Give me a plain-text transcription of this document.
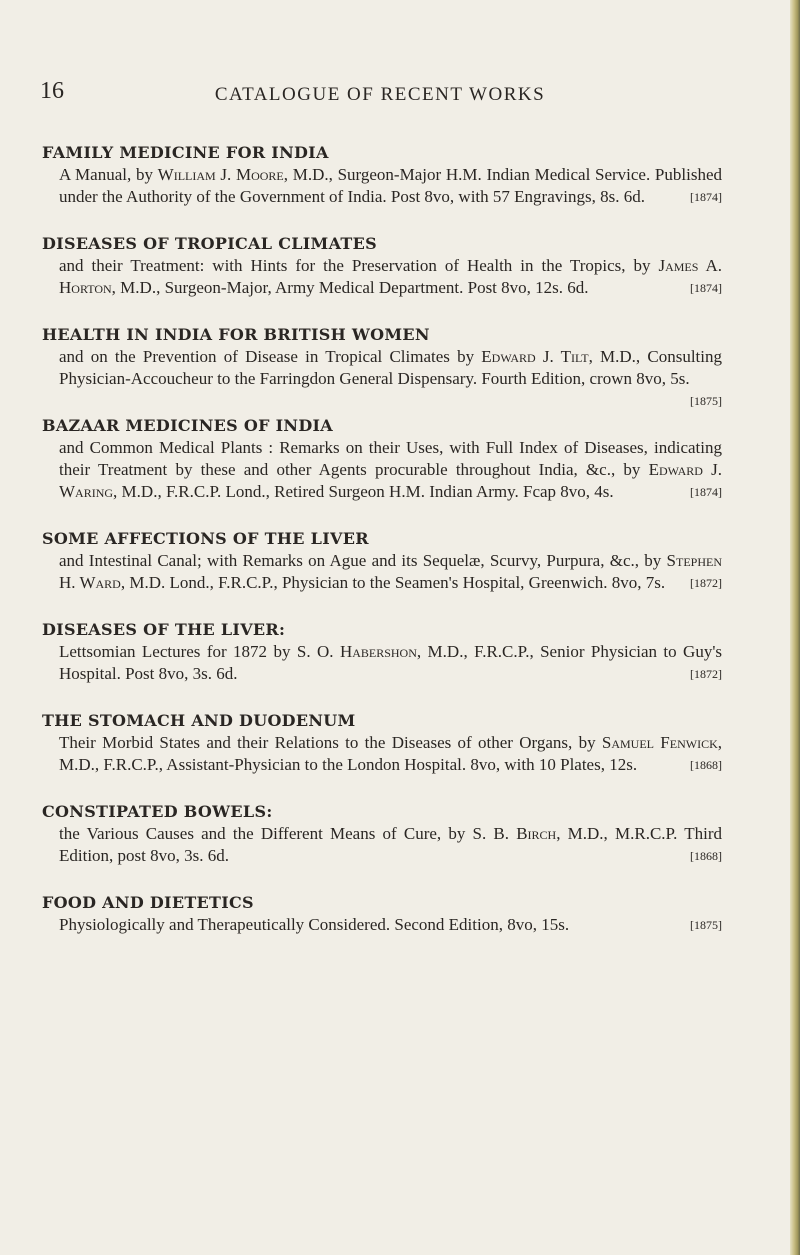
16	CATALOGUE OF RECENT WORKS
FAMILY MEDICINE FOR INDIA
A Manual, by William J. Moore, M.D., Surgeon-Major H.M. Indian Medical Service. Published under the Authority of the Government of India. Post 8vo, with 57 Engravings, 8s. 6d.	[1874]
DISEASES OF TROPICAL CLIMATES
and their Treatment: with Hints for the Preservation of Health in the Tropics, by James A. Horton, M.D., Surgeon-Major, Army Medical Department. Post 8vo, 12s. 6d.	[1874]
HEALTH IN INDIA FOR BRITISH WOMEN
and on the Prevention of Disease in Tropical Climates by Edward J. Tilt, M.D., Consulting Physician-Accoucheur to the Farringdon General Dispensary. Fourth Edition, crown 8vo, 5s.
[1875]
BAZAAR MEDICINES OF INDIA
and Common Medical Plants : Remarks on their Uses, with Full Index of Diseases, indicating their Treatment by these and other Agents procurable throughout India, &c., by Edward J. Waring, M.D., F.R.C.P. Lond., Retired Surgeon H.M. Indian Army. Fcap 8vo, 4s.	[1874]
SOME AFFECTIONS OF THE LIVER
and Intestinal Canal; with Remarks on Ague and its Sequelæ, Scurvy, Purpura, &c., by Stephen H. Ward, M.D. Lond., F.R.C.P., Physician to the Seamen's Hospital, Greenwich. 8vo, 7s.	[1872]
DISEASES OF THE LIVER:
Lettsomian Lectures for 1872 by S. O. Habershon, M.D., F.R.C.P., Senior Physician to Guy's Hospital. Post 8vo, 3s. 6d.	[1872]
THE STOMACH AND DUODENUM
Their Morbid States and their Relations to the Diseases of other Organs, by Samuel Fenwick, M.D., F.R.C.P., Assistant-Physician to the London Hospital. 8vo, with 10 Plates, 12s.	[1868]
CONSTIPATED BOWELS:
the Various Causes and the Different Means of Cure, by S. B. Birch, M.D., M.R.C.P. Third Edition, post 8vo, 3s. 6d.	[1868]
FOOD AND DIETETICS
Physiologically and Therapeutically Considered. Second Edition, 8vo, 15s.	[1875]
